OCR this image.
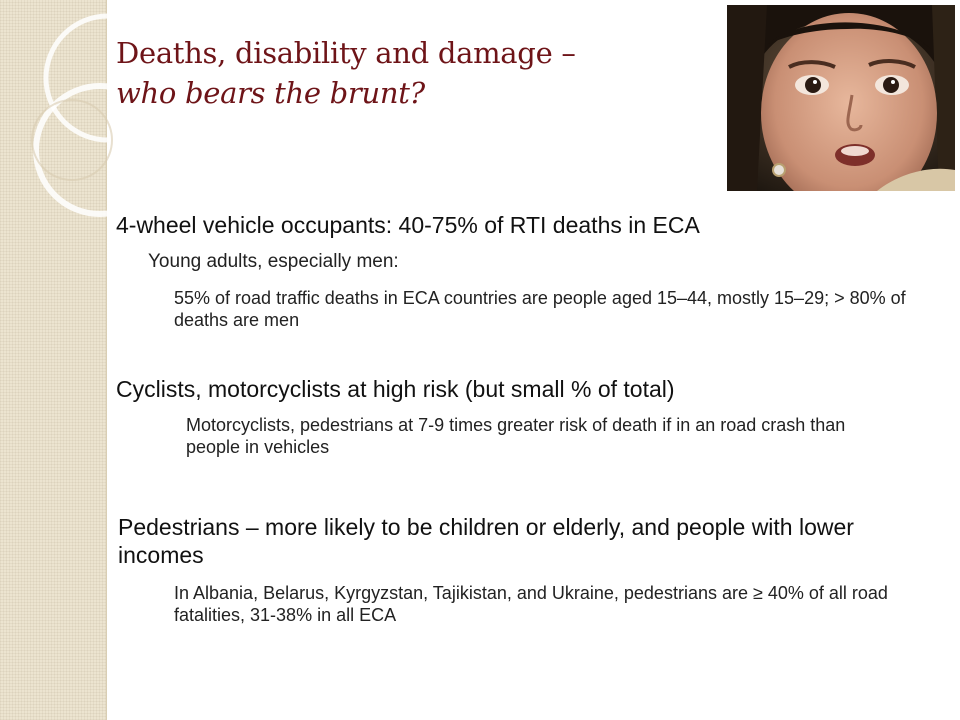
Deaths, disability and damage –
who bears the brunt?

4-wheel vehicle occupants: 40-75% of RTI deaths in ECA

Young adults, especially men:

55% of road traffic deaths in ECA countries are people aged 15–44, mostly 15–29; > 80% of deaths are men

Cyclists, motorcyclists at high risk (but small % of total)

Motorcyclists, pedestrians at 7-9 times greater risk of death if in an road crash than people in vehicles

Pedestrians – more likely to be children or elderly, and people with lower incomes

In Albania, Belarus, Kyrgyzstan, Tajikistan, and Ukraine, pedestrians are ≥ 40% of all road fatalities, 31-38% in all ECA
